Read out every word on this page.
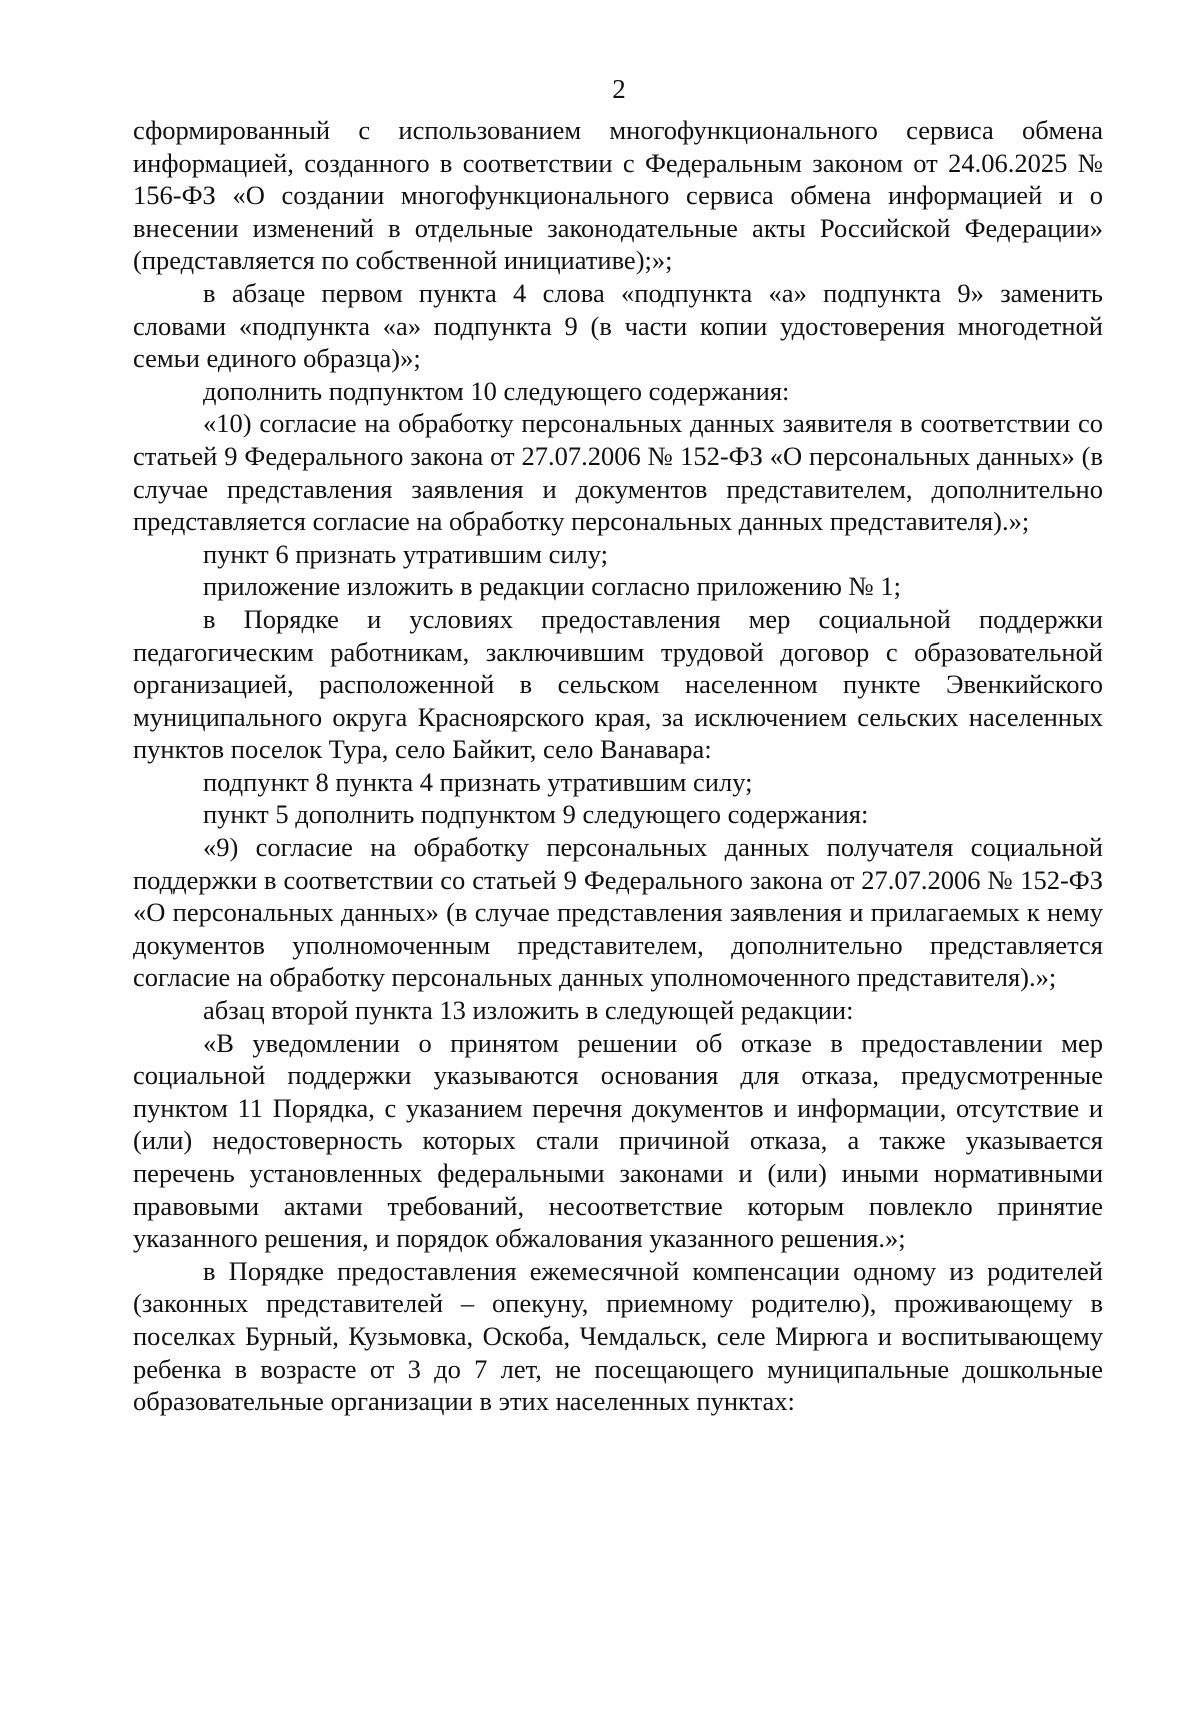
2

сформированный с использованием многофункционального сервиса обмена информацией, созданного в соответствии с Федеральным законом от 24.06.2025 № 156-ФЗ «О создании многофункционального сервиса обмена информацией и о внесении изменений в отдельные законодательные акты Российской Федерации» (представляется по собственной инициативе);»;

в абзаце первом пункта 4 слова «подпункта «а» подпункта 9» заменить словами «подпункта «а» подпункта 9 (в части копии удостоверения многодетной семьи единого образца)»;

дополнить подпунктом 10 следующего содержания:

«10) согласие на обработку персональных данных заявителя в соответствии со статьей 9 Федерального закона от 27.07.2006 № 152-ФЗ «О персональных данных» (в случае представления заявления и документов представителем, дополнительно представляется согласие на обработку персональных данных представителя).»;

пункт 6 признать утратившим силу;

приложение изложить в редакции согласно приложению № 1;

в Порядке и условиях предоставления мер социальной поддержки педагогическим работникам, заключившим трудовой договор с образовательной организацией, расположенной в сельском населенном пункте Эвенкийского муниципального округа Красноярского края, за исключением сельских населенных пунктов поселок Тура, село Байкит, село Ванавара:

подпункт 8 пункта 4 признать утратившим силу;

пункт 5 дополнить подпунктом 9 следующего содержания:

«9) согласие на обработку персональных данных получателя социальной поддержки в соответствии со статьей 9 Федерального закона от 27.07.2006 № 152-ФЗ «О персональных данных» (в случае представления заявления и прилагаемых к нему документов уполномоченным представителем, дополнительно представляется согласие на обработку персональных данных уполномоченного представителя).»;

абзац второй пункта 13 изложить в следующей редакции:

«В уведомлении о принятом решении об отказе в предоставлении мер социальной поддержки указываются основания для отказа, предусмотренные пунктом 11 Порядка, с указанием перечня документов и информации, отсутствие и (или) недостоверность которых стали причиной отказа, а также указывается перечень установленных федеральными законами и (или) иными нормативными правовыми актами требований, несоответствие которым повлекло принятие указанного решения, и порядок обжалования указанного решения.»;

в Порядке предоставления ежемесячной компенсации одному из родителей (законных представителей – опекуну, приемному родителю), проживающему в поселках Бурный, Кузьмовка, Оскоба, Чемдальск, селе Мирюга и воспитывающему ребенка в возрасте от 3 до 7 лет, не посещающего муниципальные дошкольные образовательные организации в этих населенных пунктах:
